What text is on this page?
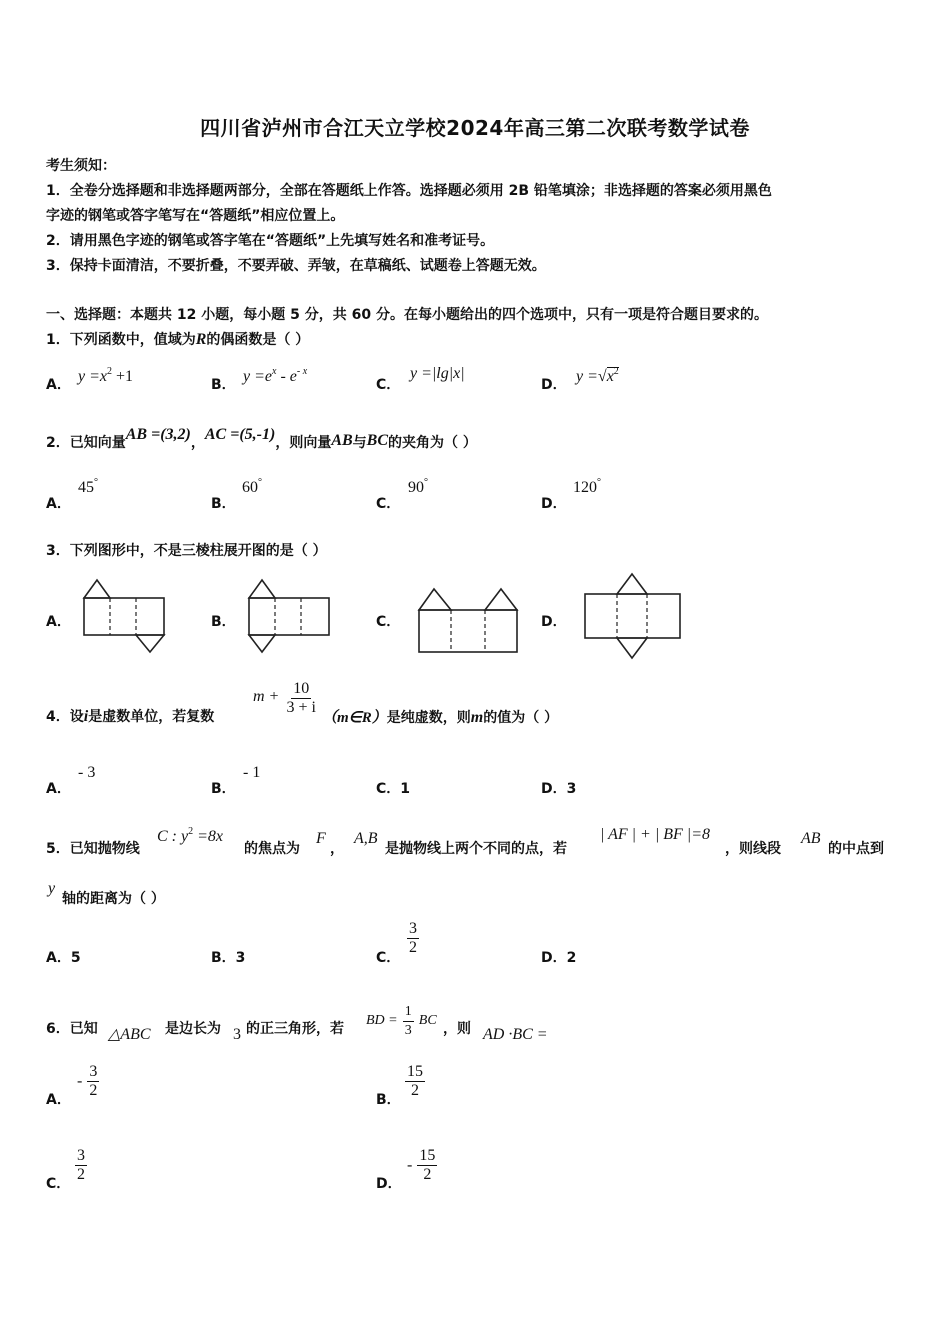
四川省泸州市合江天立学校2024年高三第二次联考数学试卷
考生须知：
1．全卷分选择题和非选择题两部分，全部在答题纸上作答。选择题必须用 2B 铅笔填涂；非选择题的答案必须用黑色
字迹的钢笔或答字笔写在“答题纸”相应位置上。
2．请用黑色字迹的钢笔或答字笔在“答题纸”上先填写姓名和准考证号。
3．保持卡面清洁，不要折叠，不要弄破、弄皱，在草稿纸、试题卷上答题无效。
一、选择题：本题共 12 小题，每小题 5 分，共 60 分。在每小题给出的四个选项中，只有一项是符合题目要求的。
1．下列函数中，值域为R的偶函数是（ ）
A． $y =x^2 +1$	B． $y =e^x - e^{- x}$
C．
y =|lg|x|
D． $y =√x^2$
2．已知向量AB =(3,2)，AC =(5,-1)，则向量AB与BC的夹角为（ ）
A．
45°
B．
60°
C．
90°
D．
120°
3．下列图形中，不是三棱柱展开图的是（ ）
A．	B．	C．	D．
4．设i是虚数单位，若复数
$m + \frac{10}{3 + i}$
（m∈R）是纯虚数，则m的值为（ ）
A．
- 3
B．
- 1
C．1	D．3
5．已知抛物线
C : $y^2 =8x$
的焦点为
F
，
A,B
是抛物线上两个不同的点，若
| AF | + | BF |=8
，则线段
AB
的中点到
y
轴的距离为（ ）
A．5	B．3	C．
$\frac{3}{2}$
D．2
6．已知 △ABC 是边长为 3 的正三角形，若
BD = $\frac{1}{3}$ BC
，则 AD ·BC =
A．
- $\frac{3}{2}$	B． $\frac{15}{2}$
C． $\frac{3}{2}$	D．
- $\frac{15}{2}$
